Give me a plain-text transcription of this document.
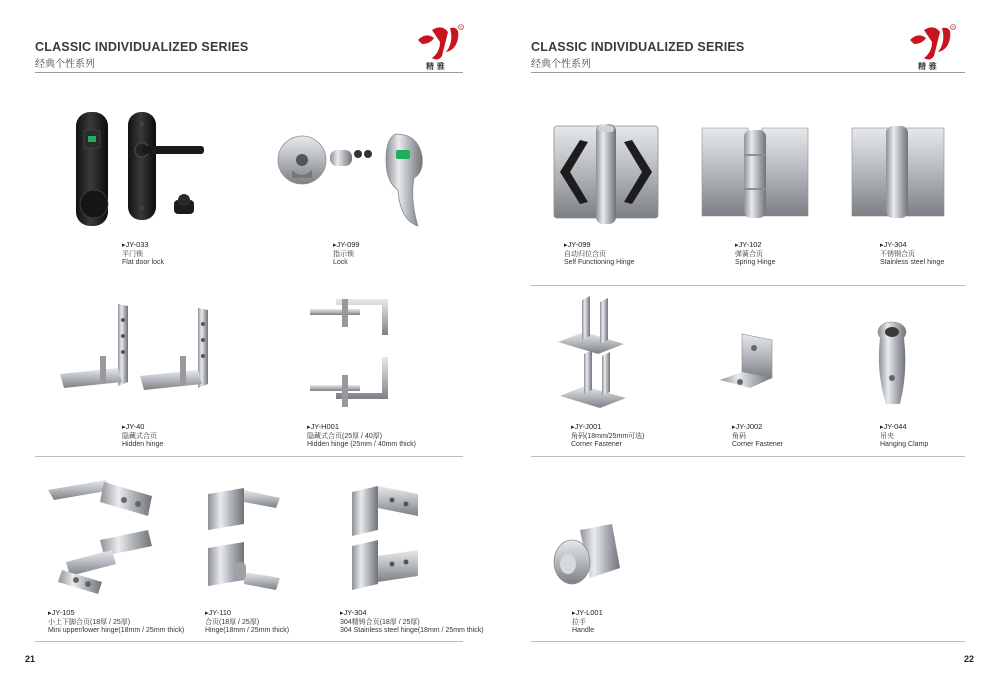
CLASSIC INDIVIDUALIZED SERIES
经典个性系列
®
精 雅
▸ JY-033
平门锁
Flat door lock
▸ JY-099
指示锁
Lock
▸ JY-40
隐藏式合页
Hidden hinge
▸ JY-H001
隐藏式合页(25厚 / 40厚)
Hidden hinge (25mm / 40mm thick)
▸ JY-105
小上下脚合页(18厚 / 25厚)
Mini upper/lower hinge(18mm / 25mm thick)
▸ JY-110
合页(18厚 / 25厚)
Hinge(18mm / 25mm thick)
▸ JY-304
304精铸合页(18厚 / 25厚)
304 Stainless steel hinge(18mm / 25mm thick)
21
CLASSIC INDIVIDUALIZED SERIES
经典个性系列
®
精 雅
▸ JY-099
自动归位合页
Self Functioning Hinge
▸ JY-102
弹簧合页
Spring Hinge
▸ JY-304
不锈钢合页
Stainless steel hinge
▸ JY-J001
角码(18mm/25mm可选)
Corner Fastener
▸ JY-J002
角码
Corner Fastener
▸ JY-044
吊夹
Hanging Clamp
▸ JY-L001
拉手
Handle
22
